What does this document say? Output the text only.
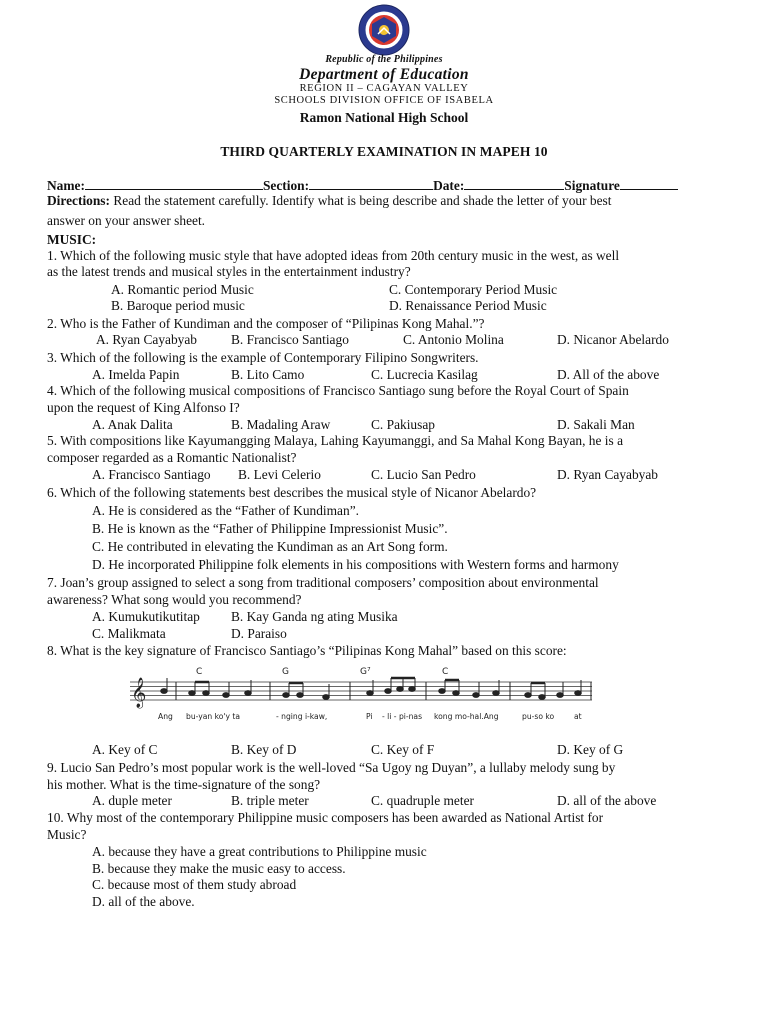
Republic of the Philippines
Department of Education
REGION II – CAGAYAN VALLEY
SCHOOLS DIVISION OFFICE OF ISABELA
Ramon National High School
THIRD QUARTERLY EXAMINATION IN MAPEH 10
Name:	Section:	Date:	Signature
Directions: Read the statement carefully. Identify what is being describe and shade the letter of your best
answer on your answer sheet.
MUSIC:
1. Which of the following music style that have adopted ideas from 20th century music in the west, as well
as the latest trends and musical styles in the entertainment industry?
A. Romantic period Music
B. Baroque period music
C. Contemporary Period Music
D. Renaissance Period Music
2. Who is the Father of Kundiman and the composer of “Pilipinas Kong Mahal.”?
A. Ryan Cayabyab	B. Francisco Santiago	C. Antonio Molina	D. Nicanor Abelardo
3. Which of the following is the example of Contemporary Filipino Songwriters.
A. Imelda Papin	B. Lito Camo	C. Lucrecia Kasilag	D. All of the above
4. Which of the following musical compositions of Francisco Santiago sung before the Royal Court of Spain
upon the request of King Alfonso I?
A. Anak Dalita	B. Madaling Araw	C. Pakiusap	D. Sakali Man
5. With compositions like Kayumangging Malaya, Lahing Kayumanggi, and Sa Mahal Kong Bayan, he is a
composer regarded as a Romantic Nationalist?
A. Francisco Santiago B. Levi Celerio	C. Lucio San Pedro	D. Ryan Cayabyab
6. Which of the following statements best describes the musical style of Nicanor Abelardo?
A. He is considered as the “Father of Kundiman”.
B. He is known as the “Father of Philippine Impressionist Music”.
C. He contributed in elevating the Kundiman as an Art Song form.
D. He incorporated Philippine folk elements in his compositions with Western forms and harmony
7. Joan’s group assigned to select a song from traditional composers’ composition about environmental
awareness? What song would you recommend?
A. Kumukutikutitap B. Kay Ganda ng ating Musika
C. Malikmata	D. Paraiso
8. What is the key signature of Francisco Santiago’s “Pilipinas Kong Mahal” based on this score:
𝄞
C	G	G⁷	C
Ang bu-yan ko'y ta	- nging i-kaw,	Pi - li - pi-nas kong mo-hal.Ang	pu-so ko	at
A. Key of C	B. Key of D	C. Key of F	D. Key of G
9. Lucio San Pedro’s most popular work is the well-loved “Sa Ugoy ng Duyan”, a lullaby melody sung by
his mother. What is the time-signature of the song?
A. duple meter	B. triple meter	C. quadruple meter	D. all of the above
10. Why most of the contemporary Philippine music composers has been awarded as National Artist for
Music?
A. because they have a great contributions to Philippine music
B. because they make the music easy to access.
C. because most of them study abroad
D. all of the above.
